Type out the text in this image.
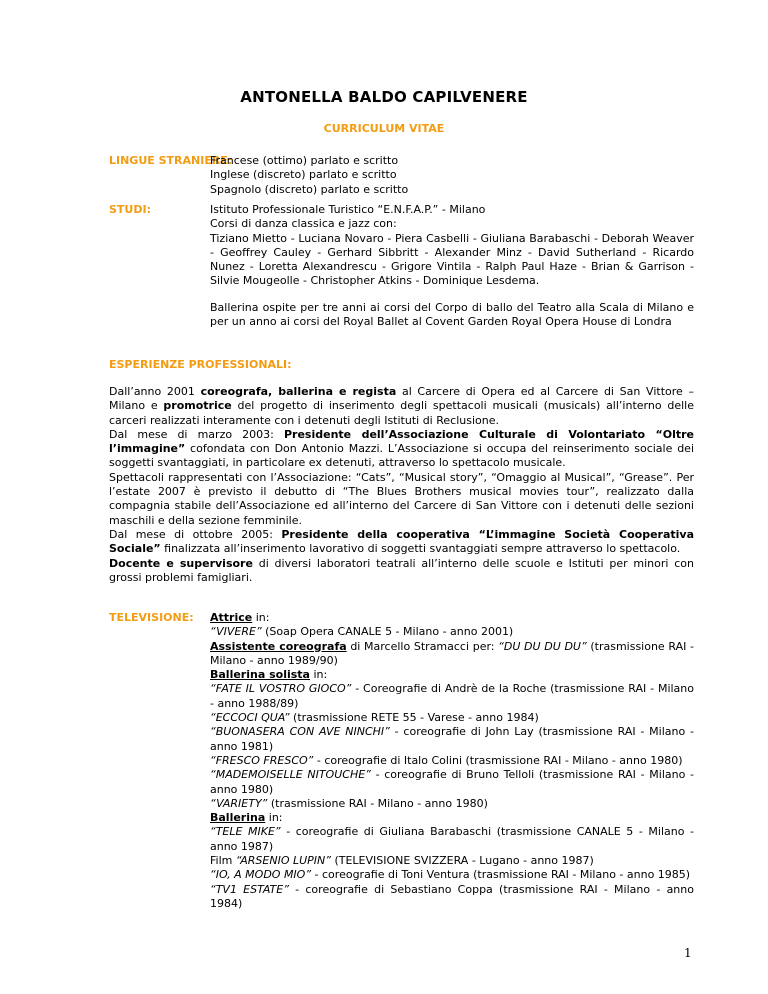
ANTONELLA BALDO CAPILVENERE
CURRICULUM VITAE
LINGUE STRANIERE:
Francese (ottimo) parlato e scritto
Inglese (discreto) parlato e scritto
Spagnolo (discreto) parlato e scritto
STUDI:	Istituto Professionale Turistico “E.N.F.A.P.” - Milano
Corsi di danza classica e jazz con:
Tiziano Mietto - Luciana Novaro - Piera Casbelli - Giuliana Barabaschi - Deborah Weaver - Geoffrey Cauley - Gerhard Sibbritt - Alexander Minz - David Sutherland - Ricardo Nunez - Loretta Alexandrescu - Grigore Vintila - Ralph Paul Haze - Brian & Garrison - Silvie Mougeolle - Christopher Atkins - Dominique Lesdema.
Ballerina ospite per tre anni ai corsi del Corpo di ballo del Teatro alla Scala di Milano e per un anno ai corsi del Royal Ballet al Covent Garden Royal Opera House di Londra
ESPERIENZE PROFESSIONALI:
Dall’anno 2001 coreografa, ballerina e regista al Carcere di Opera ed al Carcere di San Vittore – Milano e promotrice del progetto di inserimento degli spettacoli musicali (musicals) all’interno delle carceri realizzati interamente con i detenuti degli Istituti di Reclusione.
Dal mese di marzo 2003: Presidente dell’Associazione Culturale di Volontariato “Oltre l’immagine” cofondata con Don Antonio Mazzi. L’Associazione si occupa del reinserimento sociale dei soggetti svantaggiati, in particolare ex detenuti, attraverso lo spettacolo musicale.
Spettacoli rappresentati con l’Associazione: “Cats”, “Musical story”, “Omaggio al Musical”, “Grease”. Per l’estate 2007 è previsto il debutto di “The Blues Brothers musical movies tour”, realizzato dalla compagnia stabile dell’Associazione ed all’interno del Carcere di San Vittore con i detenuti delle sezioni maschili e della sezione femminile.
Dal mese di ottobre 2005: Presidente della cooperativa “L’immagine Società Cooperativa Sociale” finalizzata all’inserimento lavorativo di soggetti svantaggiati sempre attraverso lo spettacolo.
Docente e supervisore di diversi laboratori teatrali all’interno delle scuole e Istituti per minori con grossi problemi famigliari.
TELEVISIONE: Attrice in:
“VIVERE” (Soap Opera CANALE 5 - Milano - anno 2001)
Assistente coreografa di Marcello Stramacci per: “DU DU DU DU” (trasmissione RAI - Milano - anno 1989/90)
Ballerina solista in:
“FATE IL VOSTRO GIOCO” - Coreografie di Andrè de la Roche (trasmissione RAI - Milano - anno 1988/89)
“ECCOCI QUA” (trasmissione RETE 55 - Varese - anno 1984)
“BUONASERA CON AVE NINCHI” - coreografie di John Lay (trasmissione RAI - Milano - anno 1981)
“FRESCO FRESCO” - coreografie di Italo Colini (trasmissione RAI - Milano - anno 1980)
“MADEMOISELLE NITOUCHE” - coreografie di Bruno Telloli (trasmissione RAI - Milano - anno 1980)
“VARIETY” (trasmissione RAI - Milano - anno 1980)
Ballerina in:
“TELE MIKE” - coreografie di Giuliana Barabaschi (trasmissione CANALE 5 - Milano - anno 1987)
Film “ARSENIO LUPIN” (TELEVISIONE SVIZZERA - Lugano - anno 1987)
“IO, A MODO MIO” - coreografie di Toni Ventura (trasmissione RAI - Milano - anno 1985)
“TV1 ESTATE” - coreografie di Sebastiano Coppa (trasmissione RAI - Milano - anno 1984)
1
